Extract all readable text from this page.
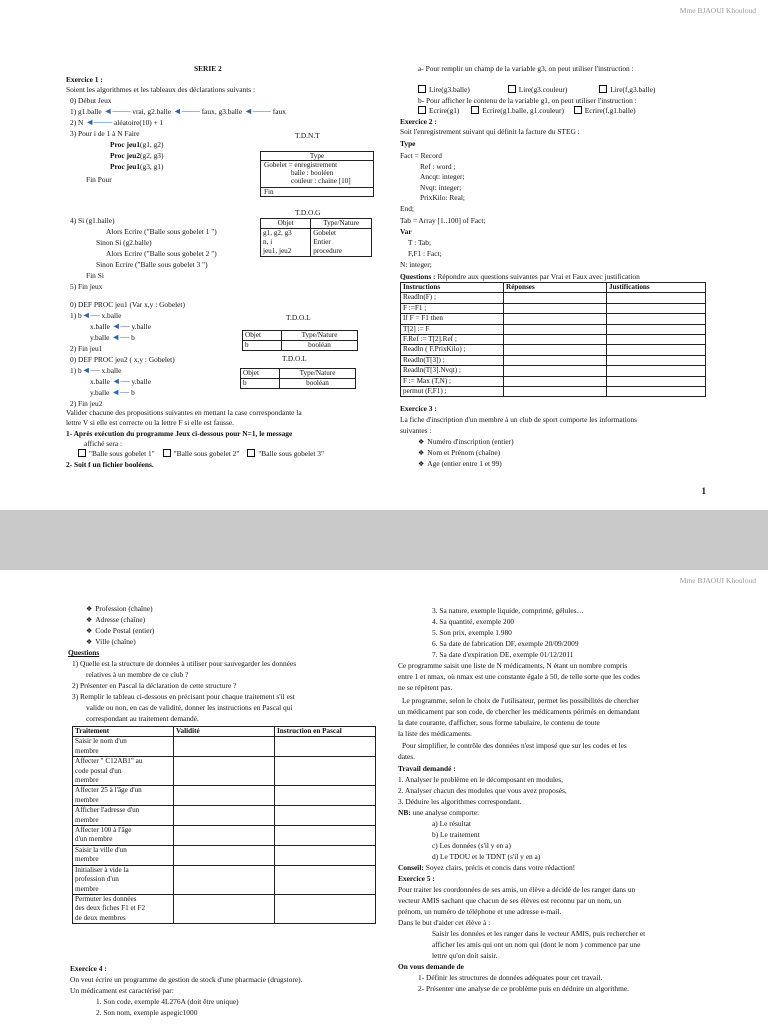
Mme BJAOUI Khouloud
SERIE 2
Exercice 1 :
Soient les algorithmes et les tableaux des déclarations suivants :
0) Début Jeux
1) g1.balle ◄—— vrai, g2.balle ◄—— faux, g3.balle ◄—— faux
2) N ◄—— aléatoire(10) + 1
3) Pour i de 1 à N Faire
Proc jeu1(g1, g2)
Proc jeu2(g2, g3)
Proc jeu1(g3, g1)
Fin Pour
4) Si (g1.balle)
Alors Ecrire ("Balle sous gobelet 1 ")
Sinon Si (g2.balle)
Alors Ecrire ("Balle sous gobelet 2 ")
Sinon Ecrire ("Balle sous gobelet 3 ")
Fin Si
5) Fin jeux
0) DEF PROC jeu1 (Var x,y : Gobelet)
1) b◄— x.balle
x.balle ◄— y.balle
y.balle ◄— b
2) Fin jeu1
0) DEF PROC jeu2 ( x,y : Gobelet)
1) b◄— x.balle
x.balle ◄— y.balle
y.balle ◄— b
2) Fin jeu2
Valider chacune des propositions suivantes en mettant la case correspondante la
lettre V si elle est correcte ou la lettre F si elle est fausse.
1- Après exécution du programme Jeux ci-dessous pour N=1, le message
affiché sera :
"Balle sous gobelet 1"	"Balle sous gobelet 2"	"Balle sous gobelet 3"
2- Soit f un fichier booléens.
T.D.N.T
Type
Gobelet = enregistrement
balle : booléen
couleur : chaine [10]
Fin
T.D.O.G
Objet	Type/Nature
g1, g2, g3	Gobelet
n, i	Entier
jeu1, jeu2	procedure
T.D.O.L
Objet	Type/Nature
b	booléan
T.D.O.L
Objet	Type/Nature
b	booléan
a- Pour remplir un champ de la variable g3, on peut utiliser l'instruction :
Lire(g3.balle)	Lire(g3.couleur)	Lire(f,g3.balle)
b- Pour afficher le contenu de la variable g1, on peut utiliser l'instruction :
Ecrire(g1)	Ecrire(g1.balle, g1.couleur)	Ecrire(f,g1.balle)
Exercice 2 :
Soit l'enregistrement suivant qui définit la facture du STEG :
Type
Fact = Record
Ref : word ;
Ancqt: integer;
Nvqt: integer;
PrixKilo: Real;
End;
Tab = Array [1..100] of Fact;
Var
T : Tab;
F,F1 : Fact;
N: integer;
Questions : Répondre aux questions suivantes par Vrai et Faux avec justification
Instructions	Réponses	Justifications
Readln(F) ;		
F :=F1 ;		
If F = F1 then		
T[2] := F		
F.Ref := T[2].Ref ;		
Readln ( F.PrixKilo) ;		
Readln(T[3]) ;		
Readln(T[3].Nvqt) ;		
F := Max (T,N) ;		
permut (F,F1) ;		
Exercice 3 :
La fiche d'inscription d'un membre à un club de sport comporte les informations
suivantes :
❖ Numéro d'inscription (entier)
❖ Nom et Prénom (chaîne)
❖ Age (entier entre 1 et 99)
1
Mme BJAOUI Khouloud
❖ Profession (chaîne)
❖ Adresse (chaîne)
❖ Code Postal (entier)
❖ Ville (chaîne)
Questions
1) Quelle est la structure de données à utiliser pour sauvegarder les données
relatives à un membre de ce club ?
2) Présenter en Pascal la déclaration de cette structure ?
3) Remplir le tableau ci-dessous en précisant pour chaque traitement s'il est
valide ou non, en cas de validité, donner les instructions en Pascal qui
correspondant au traitement demandé.
Traitement	Validité	Instruction en Pascal

Saisir le nom d'un
membre		

Affecter " C12AB1" au
code postal d'un
membre		

Affecter 25 à l'âge d'un
membre		

Afficher l'adresse d'un
membre		

Affecter 100 à l'âge
d'un membre		

Saisir la ville d'un
membre		

Initialiser à vide la
profession d'un
membre		

Permuter les données
des deux fiches F1 et F2
de deux membres		

Exercice 4 :
On veut écrire un programme de gestion de stock d'une pharmacie (drugstore).
Un médicament est caractérisé par:
1. Son code, exemple 4L276A (doit être unique)
2. Son nom, exemple aspegic1000
3. Sa nature, exemple liquide, comprimé, gélules…
4. Sa quantité, exemple 200
5. Son prix, exemple 1.980
6. Sa date de fabrication DF, exemple 20/09/2009
7. Sa date d'expiration DE, exemple 01/12/2011
Ce programme saisit une liste de N médicaments, N étant un nombre compris
entre 1 et nmax, où nmax est une constante égale à 50, de telle sorte que les codes
ne se répètent pas.
Le programme, selon le choix de l'utilisateur, permet les possibilités de chercher
un médicament par son code, de chercher les médicaments périmés en demandant
la date courante, d'afficher, sous forme tabulaire, le contenu de toute
la liste des médicaments.
Pour simplifier, le contrôle des données n'est imposé que sur les codes et les
dates.
Travail demandé :
1. Analyser le problème en le décomposant en modules,
2. Analyser chacun des modules que vous avez proposés,
3. Déduire les algorithmes correspondant.
NB: une analyse comporte:
a) Le résultat
b) Le traitement
c) Les données (s'il y en a)
d) Le TDOU et le TDNT (s'il y en a)
Conseil: Soyez clairs, précis et concis dans votre rédaction!
Exercice 5 :
Pour traiter les coordonnées de ses amis, un élève a décidé de les ranger dans un
vecteur AMIS sachant que chacun de ses élèves est reconnu par un nom, un
prénom, un numéro de téléphone et une adresse e-mail.
Dans le but d'aider cet élève à :
Saisir les données et les ranger dans le vecteur AMIS, puis rechercher et
afficher les amis qui ont un nom qui (dont le nom ) commence par une
lettre qu'on doit saisir.
On vous demande de
1- Définir les structures de données adéquates pour cet travail.
2- Présenter une analyse de ce problème puis en déduire un algorithme.
